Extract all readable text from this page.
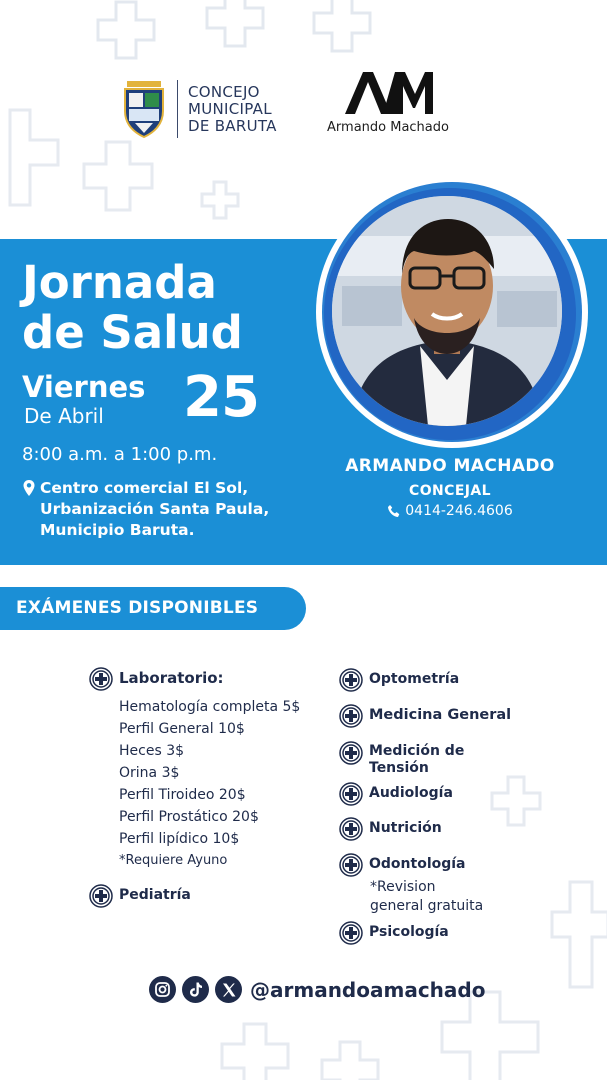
CONCEJO
MUNICIPAL
DE BARUTA	Armando Machado
Jornada
de Salud
Viernes
De Abril 25
8:00 a.m. a 1:00 p.m.
Centro comercial El Sol,
Urbanización Santa Paula,
Municipio Baruta.
ARMANDO MACHADO
CONCEJAL
0414-246.4606
EXÁMENES DISPONIBLES
Laboratorio:
Hematología completa 5$
Perfil General 10$
Heces 3$
Orina 3$
Perfil Tiroideo 20$
Perfil Prostático 20$
Perfil lipídico 10$
*Requiere Ayuno
Pediatría
Optometría
Medicina General
Medición de
Tensión
Audiología
Nutrición
Odontología
*Revision
general gratuita
Psicología
@armandoamachado
